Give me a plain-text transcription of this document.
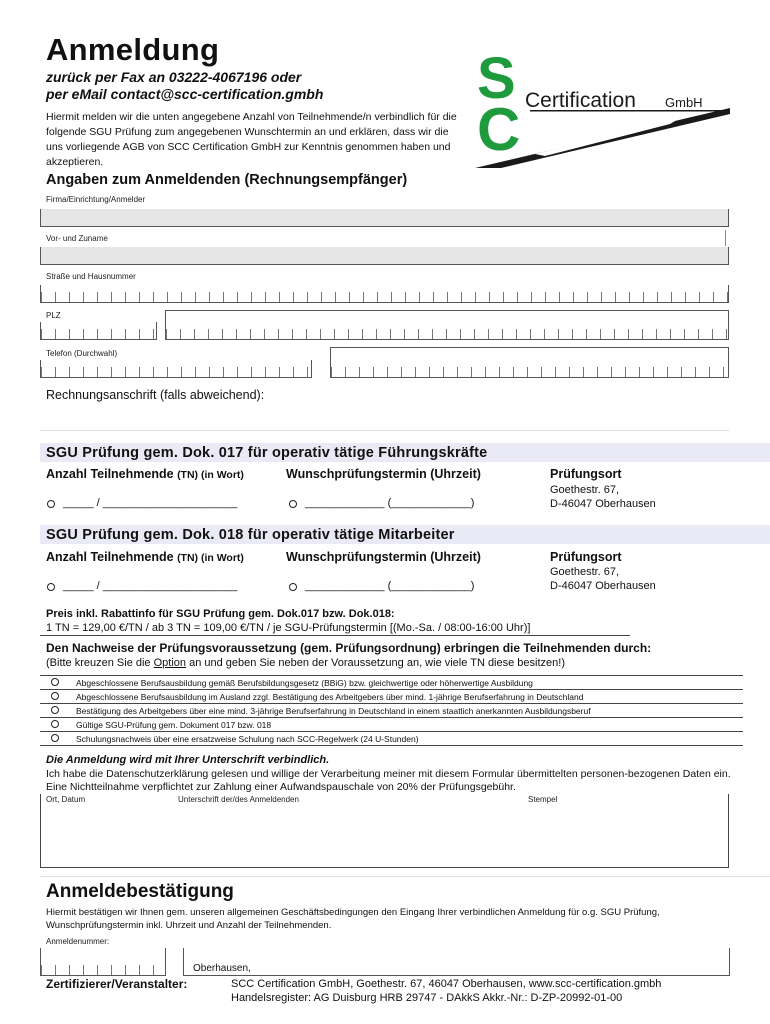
Anmeldung
zurück per Fax an 03222-4067196 oder
per eMail contact@scc-certification.gmbh
Hiermit melden wir die unten angegebene Anzahl von Teilnehmende/n verbindlich für die folgende SGU Prüfung zum angegebenen Wunschtermin an und erklären, dass wir die uns vorliegende AGB von SCC Certification GmbH zur Kenntnis genommen haben und akzeptieren.
S
C Certification GmbH
Angaben zum Anmeldenden (Rechnungsempfänger)
Firma/Einrichtung/Anmelder
Vor- und Zuname
Straße und Hausnummer
PLZ
Telefon (Durchwahl)
Rechnungsanschrift (falls abweichend):
SGU Prüfung gem. Dok. 017 für operativ tätige Führungskräfte
Anzahl Teilnehmende (TN) (in Wort)	Wunschprüfungstermin (Uhrzeit)	Prüfungsort
Goethestr. 67,
D-46047 Oberhausen
_____ / ______________________	_____________ (_____________)
SGU Prüfung gem. Dok. 018 für operativ tätige Mitarbeiter
Anzahl Teilnehmende (TN) (in Wort)	Wunschprüfungstermin (Uhrzeit)	Prüfungsort
Goethestr. 67,
D-46047 Oberhausen
_____ / ______________________	_____________ (_____________)
Preis inkl. Rabattinfo für SGU Prüfung gem. Dok.017 bzw. Dok.018:
1 TN = 129,00 €/TN / ab 3 TN = 109,00 €/TN / je SGU-Prüfungstermin [(Mo.-Sa. / 08:00-16:00 Uhr)]
Den Nachweise der Prüfungsvoraussetzung (gem. Prüfungsordnung) erbringen die Teilnehmenden durch:
(Bitte kreuzen Sie die Option an und geben Sie neben der Voraussetzung an, wie viele TN diese besitzen!)
Abgeschlossene Berufsausbildung gemäß Berufsbildungsgesetz (BBiG) bzw. gleichwertige oder höherwertige Ausbildung
Abgeschlossene Berufsausbildung im Ausland zzgl. Bestätigung des Arbeitgebers über mind. 1-jährige Berufserfahrung in Deutschland
Bestätigung des Arbeitgebers über eine mind. 3-jährige Berufserfahrung in Deutschland in einem staatlich anerkannten Ausbildungsberuf
Gültige SGU-Prüfung gem. Dokument 017 bzw. 018
Schulungsnachweis über eine ersatzweise Schulung nach SCC-Regelwerk (24 U-Stunden)
Die Anmeldung wird mit Ihrer Unterschrift verbindlich.
Ich habe die Datenschutzerklärung gelesen und willige der Verarbeitung meiner mit diesem Formular übermittelten personen-bezogenen Daten ein. Eine Nichtteilnahme verpflichtet zur Zahlung einer Aufwandspauschale von 20% der Prüfungsgebühr.
Ort, Datum	Unterschrift der/des Anmeldenden	Stempel
Anmeldebestätigung
Hiermit bestätigen wir Ihnen gem. unseren allgemeinen Geschäftsbedingungen den Eingang Ihrer verbindlichen Anmeldung für o.g. SGU Prüfung, Wunschprüfungstermin inkl. Uhrzeit und Anzahl der Teilnehmenden.
Anmeldenummer:
Oberhausen,
Zertifizierer/Veranstalter:	SCC Certification GmbH, Goethestr. 67, 46047 Oberhausen, www.scc-certification.gmbh
Handelsregister: AG Duisburg HRB 29747 - DAkkS Akkr.-Nr.: D-ZP-20992-01-00
